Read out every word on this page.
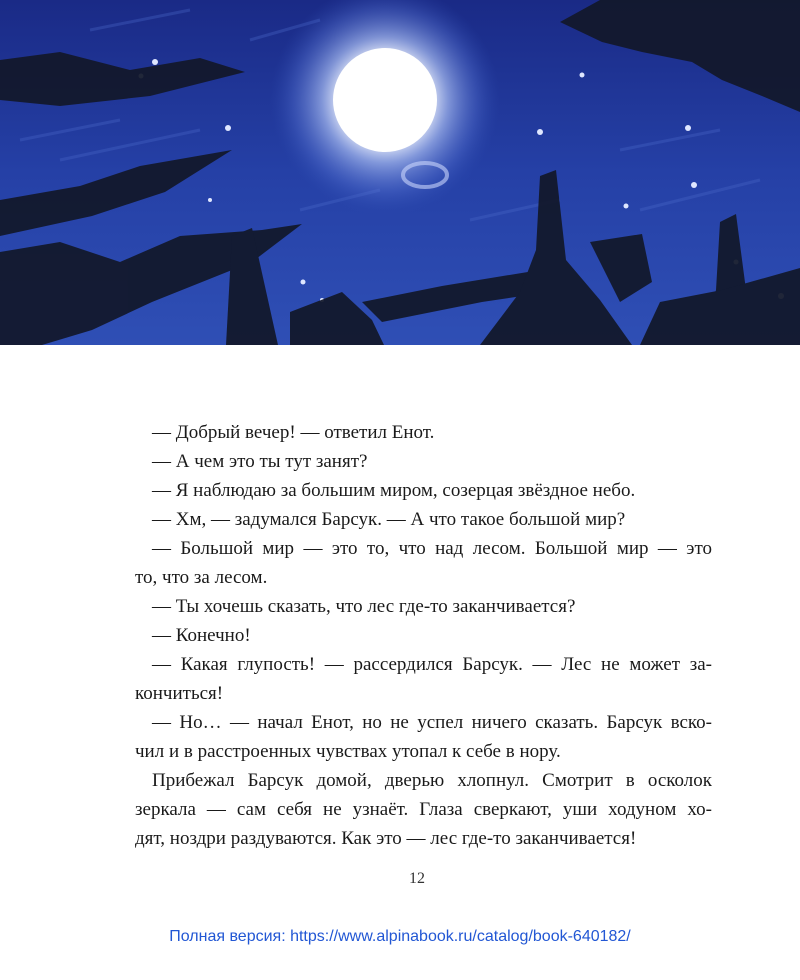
— Добрый вечер! — ответил Енот.
— А чем это ты тут занят?
— Я наблюдаю за большим миром, созерцая звёздное небо.
— Хм, — задумался Барсук. — А что такое большой мир?
— Большой мир — это то, что над лесом. Большой мир — это
то, что за лесом.
— Ты хочешь сказать, что лес где-то заканчивается?
— Конечно!
— Какая глупость! — рассердился Барсук. — Лес не может за-
кончиться!
— Но… — начал Енот, но не успел ничего сказать. Барсук вско-
чил и в расстроенных чувствах утопал к себе в нору.
Прибежал Барсук домой, дверью хлопнул. Смотрит в осколок
зеркала — сам себя не узнаёт. Глаза сверкают, уши ходуном хо-
дят, ноздри раздуваются. Как это — лес где-то заканчивается!
12
Полная версия: https://www.alpinabook.ru/catalog/book-640182/
